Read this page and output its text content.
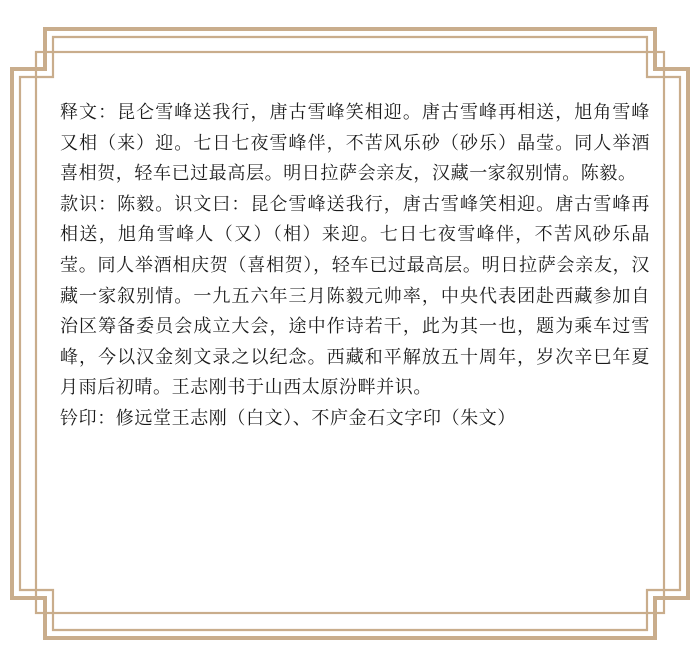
释文：昆仑雪峰送我行，唐古雪峰笑相迎。唐古雪峰再相送，旭角雪峰又相（来）迎。七日七夜雪峰伴，不苦风乐砂（砂乐）晶莹。同人举酒喜相贺，轻车已过最高层。明日拉萨会亲友，汉藏一家叙别情。陈毅。

款识：陈毅。识文曰：昆仑雪峰送我行，唐古雪峰笑相迎。唐古雪峰再相送，旭角雪峰人（又）（相）来迎。七日七夜雪峰伴，不苦风砂乐晶莹。同人举酒相庆贺（喜相贺），轻车已过最高层。明日拉萨会亲友，汉藏一家叙别情。一九五六年三月陈毅元帅率，中央代表团赴西藏参加自治区筹备委员会成立大会，途中作诗若干，此为其一也，题为乘车过雪峰，今以汉金刻文录之以纪念。西藏和平解放五十周年，岁次辛巳年夏月雨后初晴。王志刚书于山西太原汾畔并识。

钤印：修远堂王志刚（白文）、不庐金石文字印（朱文）
